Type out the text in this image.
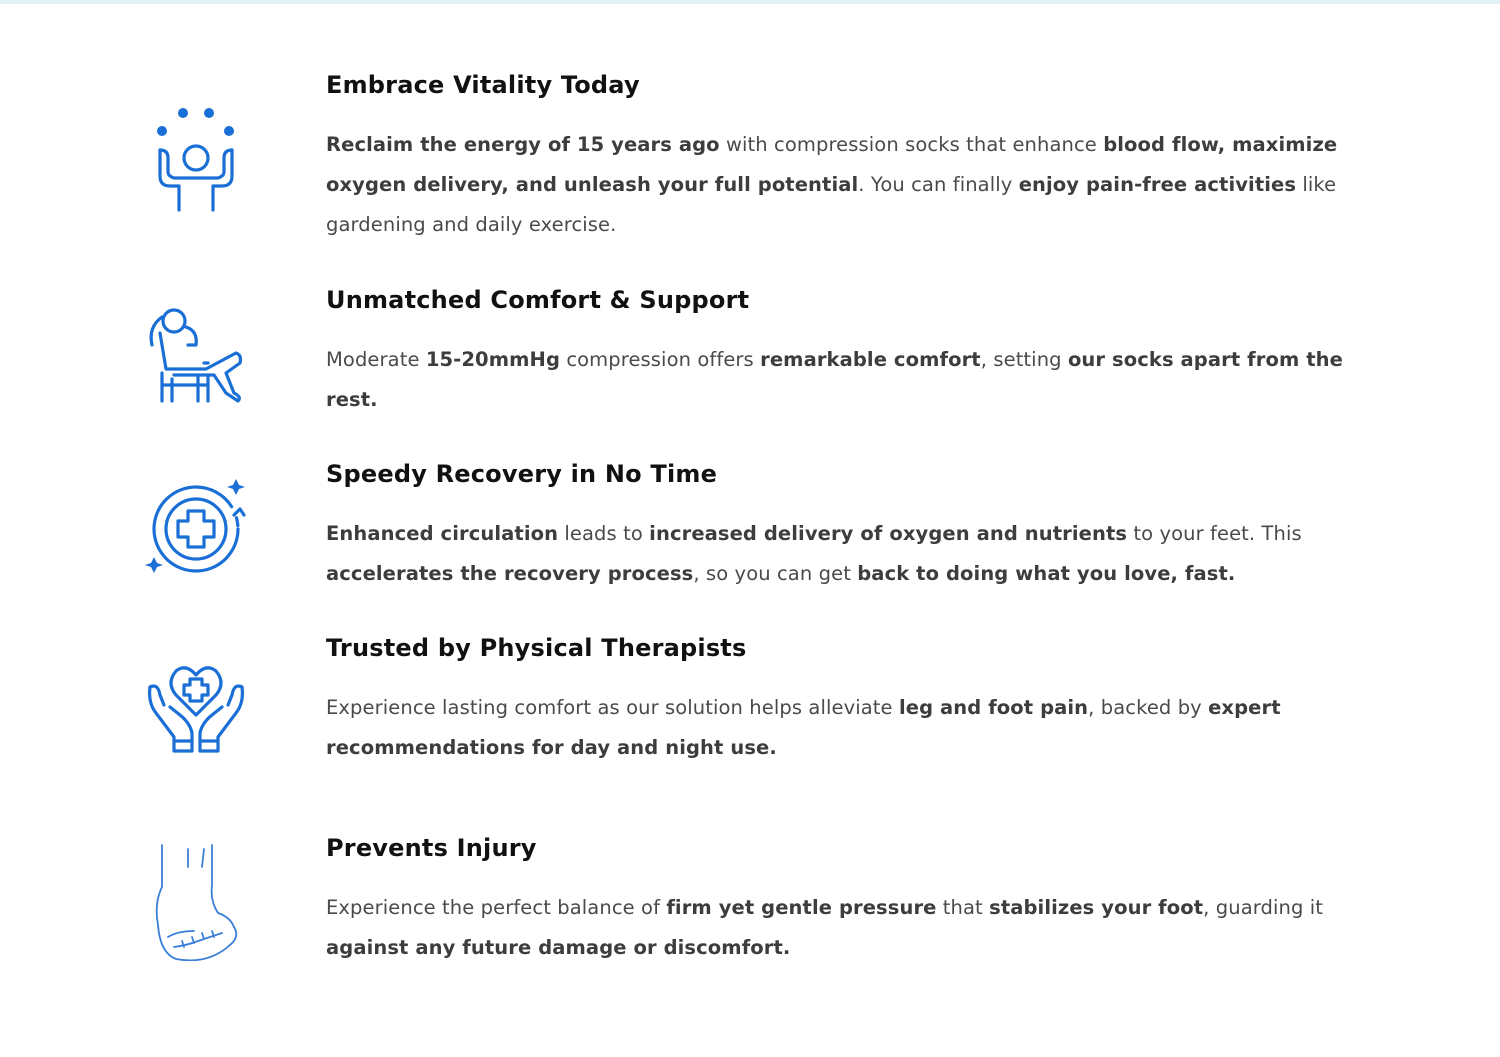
Embrace Vitality Today

Reclaim the energy of 15 years ago with compression socks that enhance blood flow, maximize oxygen delivery, and unleash your full potential. You can finally enjoy pain-free activities like gardening and daily exercise.

Unmatched Comfort & Support

Moderate 15-20mmHg compression offers remarkable comfort, setting our socks apart from the rest.

Speedy Recovery in No Time

Enhanced circulation leads to increased delivery of oxygen and nutrients to your feet. This accelerates the recovery process, so you can get back to doing what you love, fast.

Trusted by Physical Therapists

Experience lasting comfort as our solution helps alleviate leg and foot pain, backed by expert recommendations for day and night use.

Prevents Injury

Experience the perfect balance of firm yet gentle pressure that stabilizes your foot, guarding it against any future damage or discomfort.
